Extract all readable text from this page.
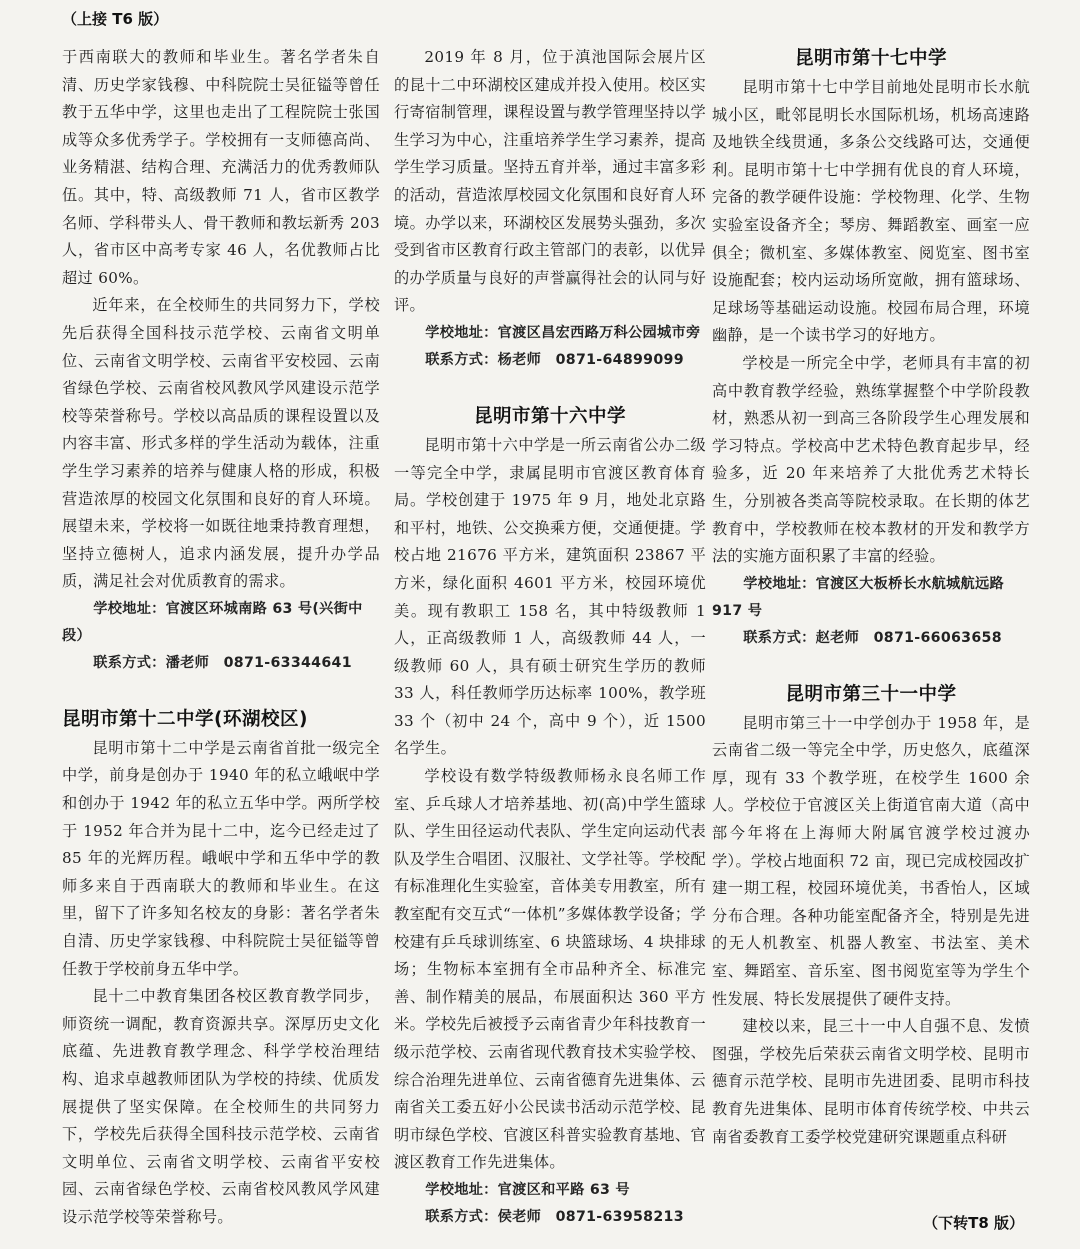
（上接 T6 版）

于西南联大的教师和毕业生。著名学者朱自清、历史学家钱穆、中科院院士吴征镒等曾任教于五华中学，这里也走出了工程院院士张国成等众多优秀学子。学校拥有一支师德高尚、业务精湛、结构合理、充满活力的优秀教师队伍。其中，特、高级教师 71 人，省市区教学名师、学科带头人、骨干教师和教坛新秀 203 人，省市区中高考专家 46 人，名优教师占比超过 60%。

近年来，在全校师生的共同努力下，学校先后获得全国科技示范学校、云南省文明单位、云南省文明学校、云南省平安校园、云南省绿色学校、云南省校风教风学风建设示范学校等荣誉称号。学校以高品质的课程设置以及内容丰富、形式多样的学生活动为载体，注重学生学习素养的培养与健康人格的形成，积极营造浓厚的校园文化氛围和良好的育人环境。展望未来，学校将一如既往地秉持教育理想，坚持立德树人，追求内涵发展，提升办学品质，满足社会对优质教育的需求。

学校地址：官渡区环城南路 63 号(兴街中段）
联系方式：潘老师　0871-63344641
昆明市第十二中学(环湖校区)

昆明市第十二中学是云南省首批一级完全中学，前身是创办于 1940 年的私立峨岷中学和创办于 1942 年的私立五华中学。两所学校于 1952 年合并为昆十二中，迄今已经走过了 85 年的光辉历程。峨岷中学和五华中学的教师多来自于西南联大的教师和毕业生。在这里，留下了许多知名校友的身影：著名学者朱自清、历史学家钱穆、中科院院士吴征镒等曾任教于学校前身五华中学。

昆十二中教育集团各校区教育教学同步，师资统一调配，教育资源共享。深厚历史文化底蕴、先进教育教学理念、科学学校治理结构、追求卓越教师团队为学校的持续、优质发展提供了坚实保障。在全校师生的共同努力下，学校先后获得全国科技示范学校、云南省文明单位、云南省文明学校、云南省平安校园、云南省绿色学校、云南省校风教风学风建设示范学校等荣誉称号。

2019 年 8 月，位于滇池国际会展片区的昆十二中环湖校区建成并投入使用。校区实行寄宿制管理，课程设置与教学管理坚持以学生学习为中心，注重培养学生学习素养，提高学生学习质量。坚持五育并举，通过丰富多彩的活动，营造浓厚校园文化氛围和良好育人环境。办学以来，环湖校区发展势头强劲，多次受到省市区教育行政主管部门的表彰，以优异的办学质量与良好的声誉赢得社会的认同与好评。

学校地址：官渡区昌宏西路万科公园城市旁
联系方式：杨老师　0871-64899099
昆明市第十六中学

昆明市第十六中学是一所云南省公办二级一等完全中学，隶属昆明市官渡区教育体育局。学校创建于 1975 年 9 月，地处北京路和平村，地铁、公交换乘方便，交通便捷。学校占地 21676 平方米，建筑面积 23867 平方米，绿化面积 4601 平方米，校园环境优美。现有教职工 158 名，其中特级教师 1 人，正高级教师 1 人，高级教师 44 人，一级教师 60 人，具有硕士研究生学历的教师 33 人，科任教师学历达标率 100%，教学班 33 个（初中 24 个，高中 9 个），近 1500 名学生。

学校设有数学特级教师杨永良名师工作室、乒乓球人才培养基地、初(高)中学生篮球队、学生田径运动代表队、学生定向运动代表队及学生合唱团、汉服社、文学社等。学校配有标准理化生实验室，音体美专用教室，所有教室配有交互式“一体机”多媒体教学设备；学校建有乒乓球训练室、6 块篮球场、4 块排球场；生物标本室拥有全市品种齐全、标准完善、制作精美的展品，布展面积达 360 平方米。学校先后被授予云南省青少年科技教育一级示范学校、云南省现代教育技术实验学校、综合治理先进单位、云南省德育先进集体、云南省关工委五好小公民读书活动示范学校、昆明市绿色学校、官渡区科普实验教育基地、官渡区教育工作先进集体。

学校地址：官渡区和平路 63 号
联系方式：侯老师　0871-63958213
昆明市第十七中学

昆明市第十七中学目前地处昆明市长水航城小区，毗邻昆明长水国际机场，机场高速路及地铁全线贯通，多条公交线路可达，交通便利。昆明市第十七中学拥有优良的育人环境，完备的教学硬件设施：学校物理、化学、生物实验室设备齐全；琴房、舞蹈教室、画室一应俱全；微机室、多媒体教室、阅览室、图书室设施配套；校内运动场所宽敞，拥有篮球场、足球场等基础运动设施。校园布局合理，环境幽静，是一个读书学习的好地方。

学校是一所完全中学，老师具有丰富的初高中教育教学经验，熟练掌握整个中学阶段教材，熟悉从初一到高三各阶段学生心理发展和学习特点。学校高中艺术特色教育起步早，经验多，近 20 年来培养了大批优秀艺术特长生，分别被各类高等院校录取。在长期的体艺教育中，学校教师在校本教材的开发和教学方法的实施方面积累了丰富的经验。

学校地址：官渡区大板桥长水航城航远路 917 号
联系方式：赵老师　0871-66063658
昆明市第三十一中学

昆明市第三十一中学创办于 1958 年，是云南省二级一等完全中学，历史悠久，底蕴深厚，现有 33 个教学班，在校学生 1600 余人。学校位于官渡区关上街道官南大道（高中部今年将在上海师大附属官渡学校过渡办学）。学校占地面积 72 亩，现已完成校园改扩建一期工程，校园环境优美，书香怡人，区域分布合理。各种功能室配备齐全，特别是先进的无人机教室、机器人教室、书法室、美术室、舞蹈室、音乐室、图书阅览室等为学生个性发展、特长发展提供了硬件支持。

建校以来，昆三十一中人自强不息、发愤图强，学校先后荣获云南省文明学校、昆明市德育示范学校、昆明市先进团委、昆明市科技教育先进集体、昆明市体育传统学校、中共云南省委教育工委学校党建研究课题重点科研

（下转T8 版）
